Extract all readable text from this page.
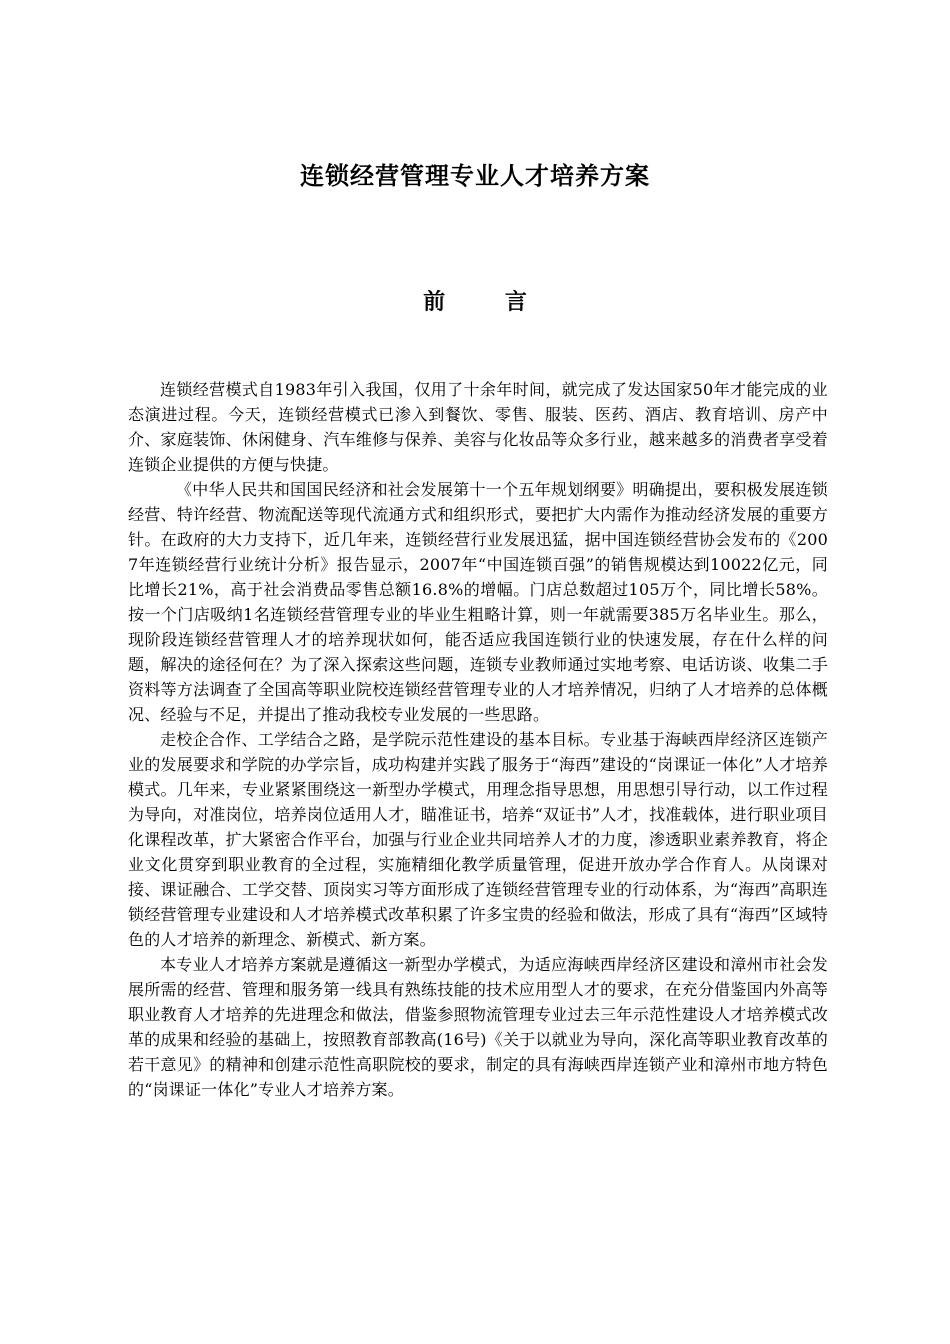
连锁经营管理专业人才培养方案
前 言

连锁经营模式自1983年引入我国，仅用了十余年时间，就完成了发达国家50年才能完成的业态演进过程。今天，连锁经营模式已渗入到餐饮、零售、服装、医药、酒店、教育培训、房产中介、家庭装饰、休闲健身、汽车维修与保养、美容与化妆品等众多行业，越来越多的消费者享受着连锁企业提供的方便与快捷。

《中华人民共和国国民经济和社会发展第十一个五年规划纲要》明确提出，要积极发展连锁经营、特许经营、物流配送等现代流通方式和组织形式，要把扩大内需作为推动经济发展的重要方针。在政府的大力支持下，近几年来，连锁经营行业发展迅猛，据中国连锁经营协会发布的《2007年连锁经营行业统计分析》报告显示，2007年“中国连锁百强”的销售规模达到10022亿元，同比增长21%，高于社会消费品零售总额16.8%的增幅。门店总数超过105万个，同比增长58%。按一个门店吸纳1名连锁经营管理专业的毕业生粗略计算，则一年就需要385万名毕业生。那么，现阶段连锁经营管理人才的培养现状如何，能否适应我国连锁行业的快速发展，存在什么样的问题，解决的途径何在？为了深入探索这些问题，连锁专业教师通过实地考察、电话访谈、收集二手资料等方法调查了全国高等职业院校连锁经营管理专业的人才培养情况，归纳了人才培养的总体概况、经验与不足，并提出了推动我校专业发展的一些思路。

走校企合作、工学结合之路，是学院示范性建设的基本目标。专业基于海峡西岸经济区连锁产业的发展要求和学院的办学宗旨，成功构建并实践了服务于“海西”建设的“岗课证一体化”人才培养模式。几年来，专业紧紧围绕这一新型办学模式，用理念指导思想，用思想引导行动，以工作过程为导向，对准岗位，培养岗位适用人才，瞄准证书，培养“双证书”人才，找准载体，进行职业项目化课程改革，扩大紧密合作平台，加强与行业企业共同培养人才的力度，渗透职业素养教育，将企业文化贯穿到职业教育的全过程，实施精细化教学质量管理，促进开放办学合作育人。从岗课对接、课证融合、工学交替、顶岗实习等方面形成了连锁经营管理专业的行动体系，为“海西”高职连锁经营管理专业建设和人才培养模式改革积累了许多宝贵的经验和做法，形成了具有“海西”区域特色的人才培养的新理念、新模式、新方案。

本专业人才培养方案就是遵循这一新型办学模式，为适应海峡西岸经济区建设和漳州市社会发展所需的经营、管理和服务第一线具有熟练技能的技术应用型人才的要求，在充分借鉴国内外高等职业教育人才培养的先进理念和做法，借鉴参照物流管理专业过去三年示范性建设人才培养模式改革的成果和经验的基础上，按照教育部教高(16号)《关于以就业为导向，深化高等职业教育改革的若干意见》的精神和创建示范性高职院校的要求，制定的具有海峡西岸连锁产业和漳州市地方特色的“岗课证一体化”专业人才培养方案。
